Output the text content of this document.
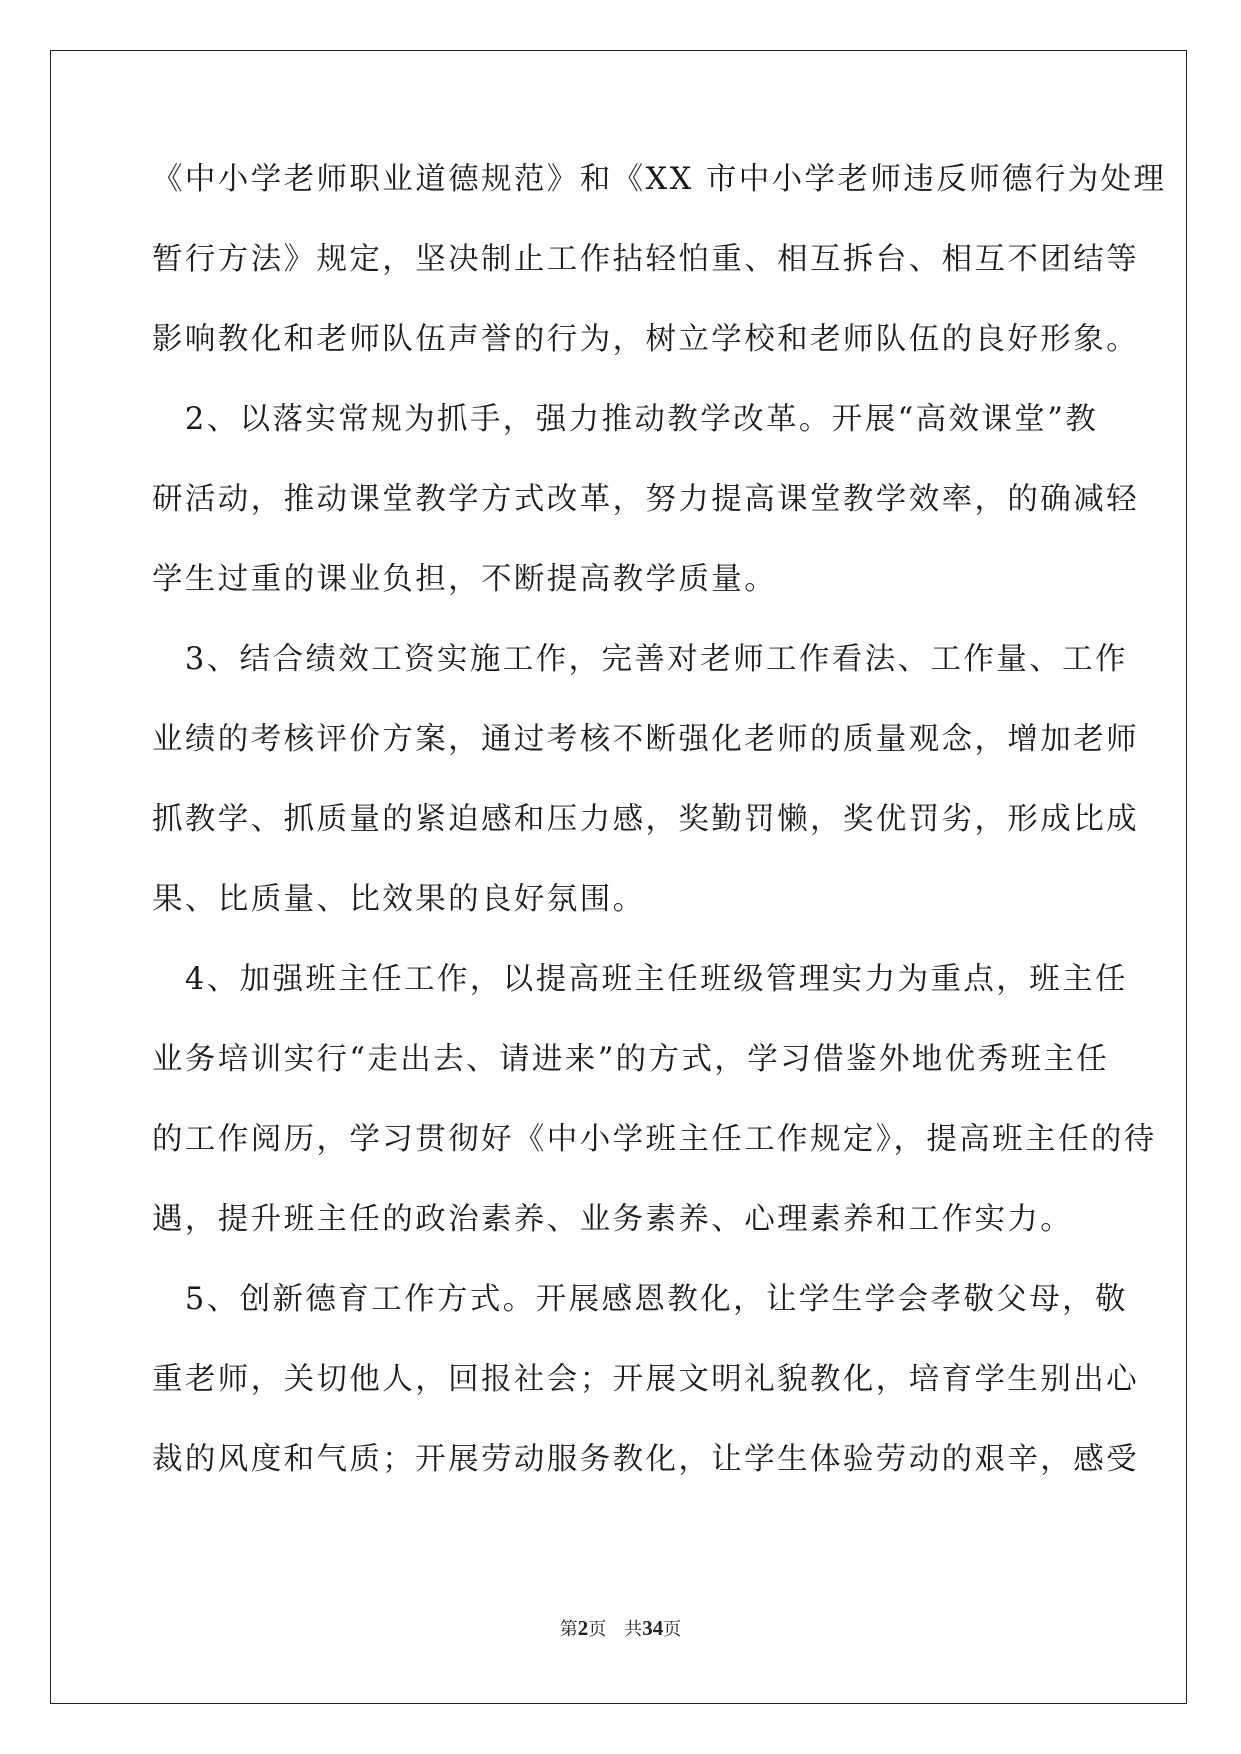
《中小学老师职业道德规范》和《XX 市中小学老师违反师德行为处理
暂行方法》规定，坚决制止工作拈轻怕重、相互拆台、相互不团结等
影响教化和老师队伍声誉的行为，树立学校和老师队伍的良好形象。
　2、以落实常规为抓手，强力推动教学改革。开展“高效课堂”教
研活动，推动课堂教学方式改革，努力提高课堂教学效率，的确减轻
学生过重的课业负担，不断提高教学质量。
　3、结合绩效工资实施工作，完善对老师工作看法、工作量、工作
业绩的考核评价方案，通过考核不断强化老师的质量观念，增加老师
抓教学、抓质量的紧迫感和压力感，奖勤罚懒，奖优罚劣，形成比成
果、比质量、比效果的良好氛围。
　4、加强班主任工作，以提高班主任班级管理实力为重点，班主任
业务培训实行“走出去、请进来”的方式，学习借鉴外地优秀班主任
的工作阅历，学习贯彻好《中小学班主任工作规定》，提高班主任的待
遇，提升班主任的政治素养、业务素养、心理素养和工作实力。
　5、创新德育工作方式。开展感恩教化，让学生学会孝敬父母，敬
重老师，关切他人，回报社会；开展文明礼貌教化，培育学生别出心
裁的风度和气质；开展劳动服务教化，让学生体验劳动的艰辛，感受
第2页　共34页
